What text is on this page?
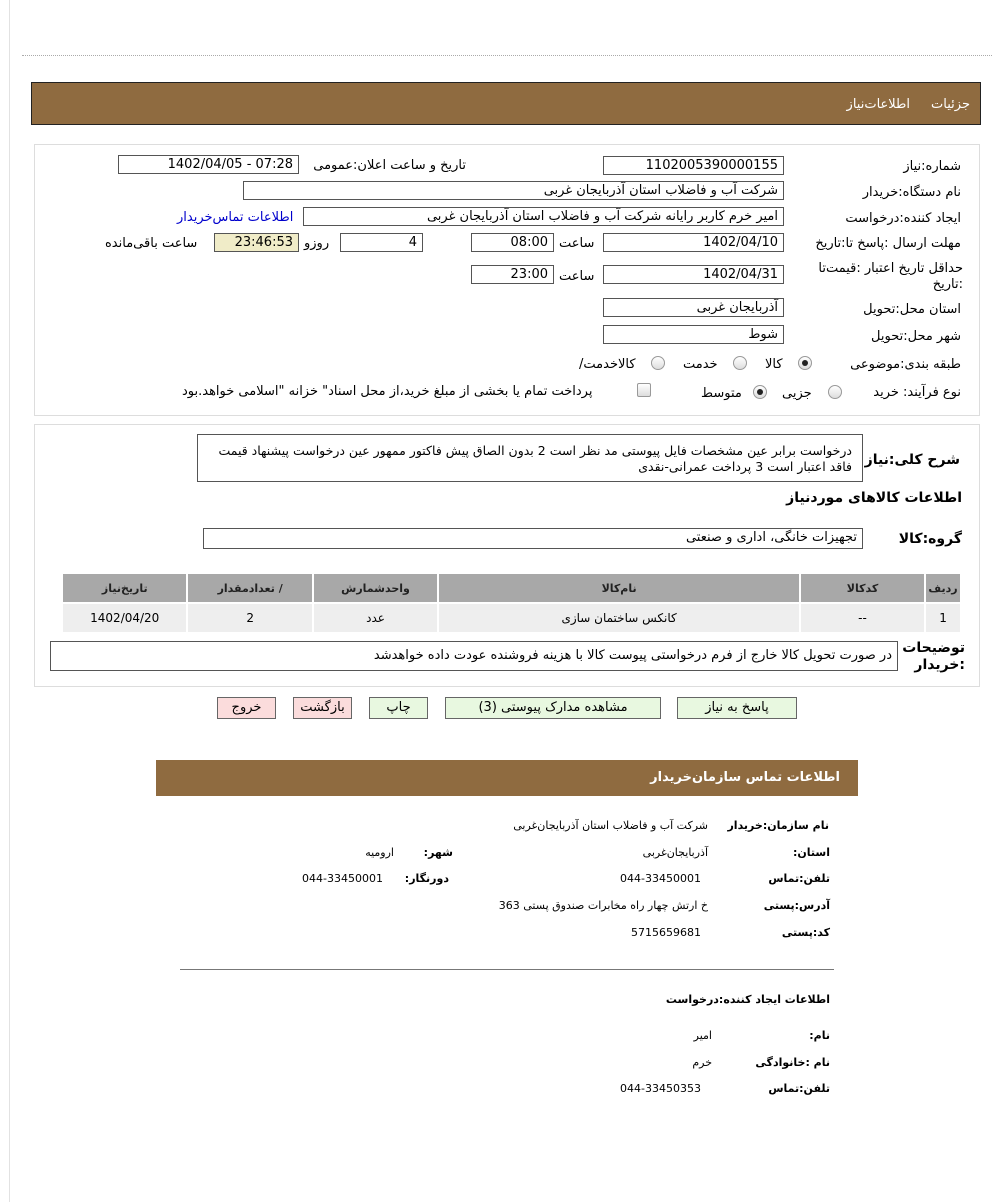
جزئیات
اطلاعات‌نیاز
شماره:نیاز
1102005390000155
تاریخ و ساعت اعلان:عمومی
1402/04/05 - 07:28
نام دستگاه:خریدار
شرکت آب و فاضلاب استان آذربایجان غربی
ایجاد کننده:درخواست
امیر خرم کاربر رایانه شرکت آب و فاضلاب استان آذربایجان غربی
اطلاعات تماس‌خریدار
مهلت ارسال :پاسخ تا:تاریخ
1402/04/10
ساعت
08:00
4
روزو
23:46:53
ساعت باقی‌مانده
حداقل تاریخ اعتبار :قیمت‌تا :تاریخ
1402/04/31
ساعت
23:00
استان محل:تحویل
آذربایجان غربی
شهر محل:تحویل
شوط
طبقه بندی:موضوعی
کالا
خدمت
/کالاخدمت
نوع فرآیند: خرید
جزیی
متوسط
پرداخت تمام یا بخشی از مبلغ خرید،از محل اسناد" خزانه "اسلامی خواهد.بود
شرح کلی:نیاز
درخواست برابر عین مشخصات فایل پیوستی مد نظر است 2 بدون الصاق پیش فاکتور ممهور عین درخواست پیشنهاد قیمت فاقد اعتبار است 3 پرداخت عمرانی-نقدی
اطلاعات کالاهای موردنیاز
گروه:کالا
تجهیزات خانگی، اداری و صنعتی
ردیف	کدکالا	نام‌کالا	واحدشمارش	/ تعدادمقدار	تاریخ‌نیاز
1	--	کانکس ساختمان سازی	عدد	2	1402/04/20
توضیحات :خریدار
در صورت تحویل کالا خارج از فرم درخواستی پیوست کالا با هزینه فروشنده عودت داده خواهدشد
پاسخ به نیاز
مشاهده مدارک پیوستی (3)
چاپ
بازگشت
خروج
اطلاعات تماس سازمان‌خریدار
نام سازمان:خریدار
شرکت آب و فاضلاب استان آذربایجان‌غربی
:استان
آذربایجان‌غربی
:شهر
ارومیه
تلفن:تماس
044-33450001
:دورنگار
044-33450001
آدرس:پستی
خ ارتش چهار راه مخابرات صندوق پستی 363
کد:پستی
5715659681
اطلاعات ایجاد کننده:درخواست
:نام
امیر
نام :خانوادگی
خرم
تلفن:تماس
044-33450353
